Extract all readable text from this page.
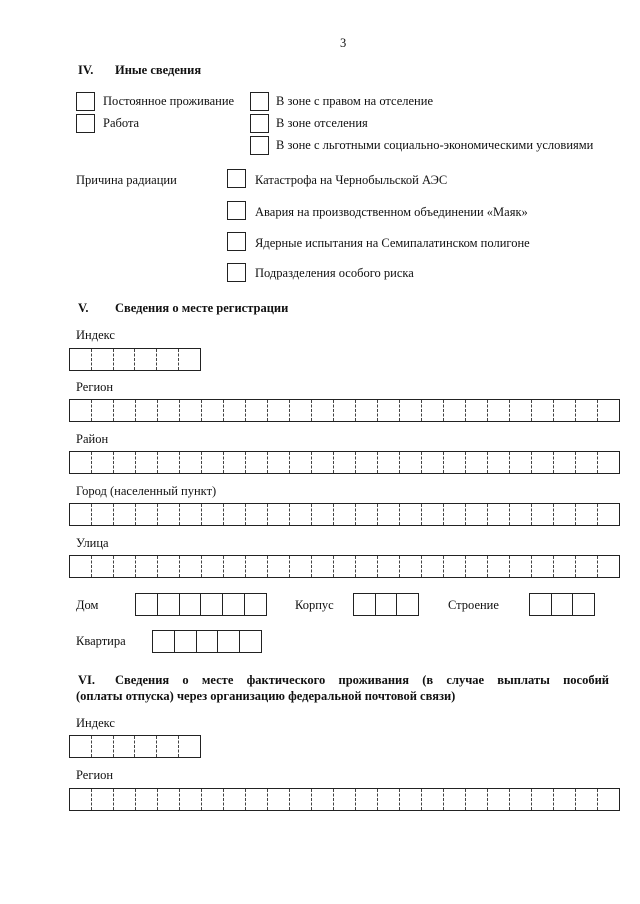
3
IV. Иные сведения
Постоянное проживание
Работа
В зоне с правом на отселение
В зоне отселения
В зоне с льготными социально-экономическими условиями
Причина радиации	Катастрофа на Чернобыльской АЭС
Авария на производственном объединении «Маяк»
Ядерные испытания на Семипалатинском полигоне
Подразделения особого риска
V. Сведения о месте регистрации
Индекс
Регион
Район
Город (населенный пункт)
Улица
Дом	Корпус	Строение
Квартира
VI. Сведения о месте фактического проживания (в случае выплаты пособий
(оплаты отпуска) через организацию федеральной почтовой связи)
Индекс
Регион
